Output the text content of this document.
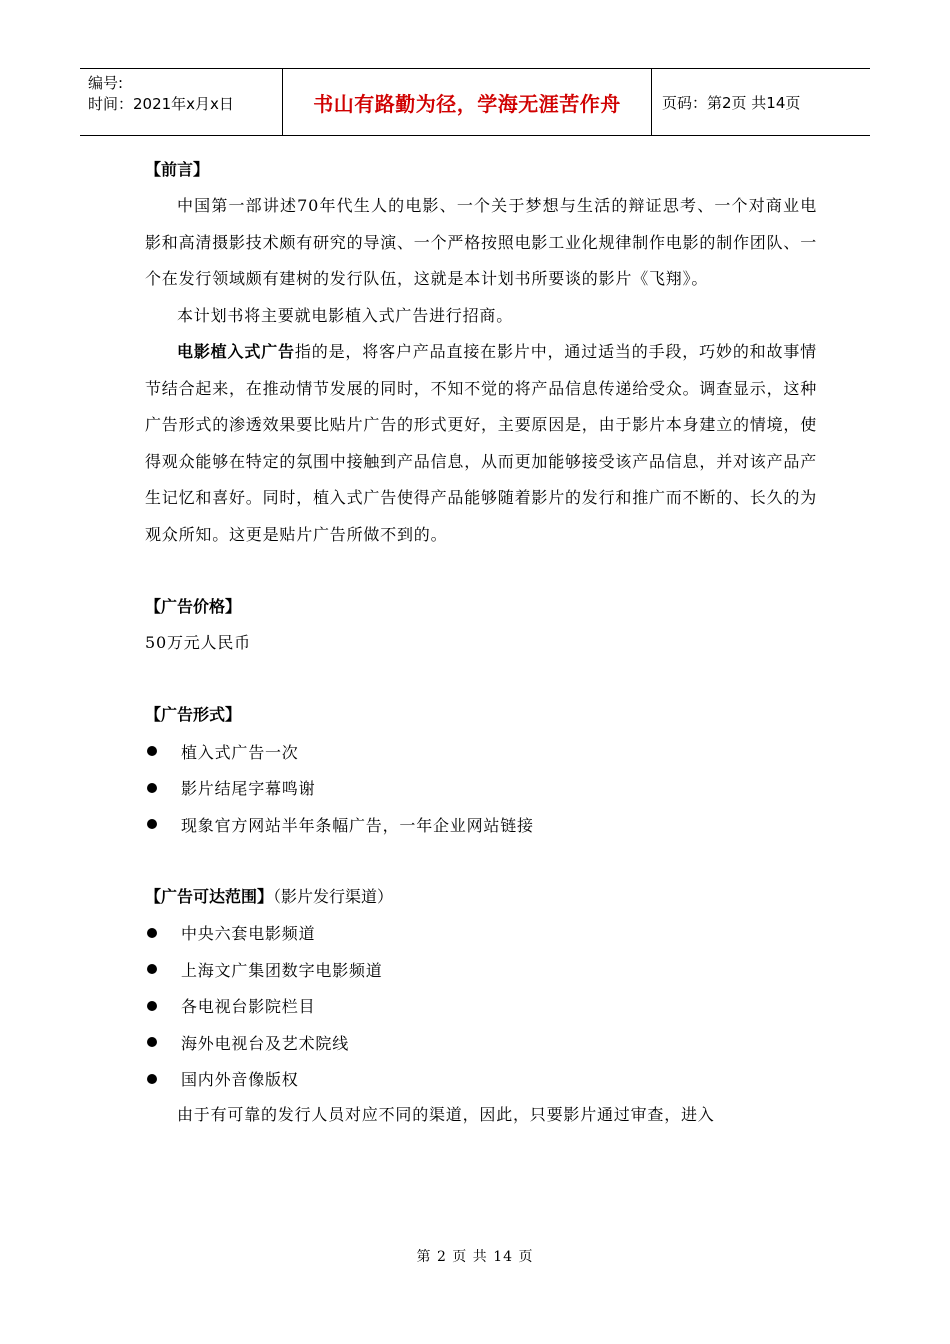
编号:
时间：2021年x月x日	书山有路勤为径，学海无涯苦作舟	页码：第2页 共14页
【前言】

中国第一部讲述70年代生人的电影、一个关于梦想与生活的辩证思考、一个对商业电影和高清摄影技术颇有研究的导演、一个严格按照电影工业化规律制作电影的制作团队、一个在发行领域颇有建树的发行队伍，这就是本计划书所要谈的影片《飞翔》。

本计划书将主要就电影植入式广告进行招商。

电影植入式广告指的是，将客户产品直接在影片中，通过适当的手段，巧妙的和故事情节结合起来，在推动情节发展的同时，不知不觉的将产品信息传递给受众。调查显示，这种广告形式的渗透效果要比贴片广告的形式更好，主要原因是，由于影片本身建立的情境，使得观众能够在特定的氛围中接触到产品信息，从而更加能够接受该产品信息，并对该产品产生记忆和喜好。同时，植入式广告使得产品能够随着影片的发行和推广而不断的、长久的为观众所知。这更是贴片广告所做不到的。

【广告价格】
50万元人民币
【广告形式】
植入式广告一次
影片结尾字幕鸣谢
现象官方网站半年条幅广告，一年企业网站链接
【广告可达范围】（影片发行渠道）
中央六套电影频道
上海文广集团数字电影频道
各电视台影院栏目
海外电视台及艺术院线
国内外音像版权

由于有可靠的发行人员对应不同的渠道，因此，只要影片通过审查，进入

第 2 页 共 14 页
